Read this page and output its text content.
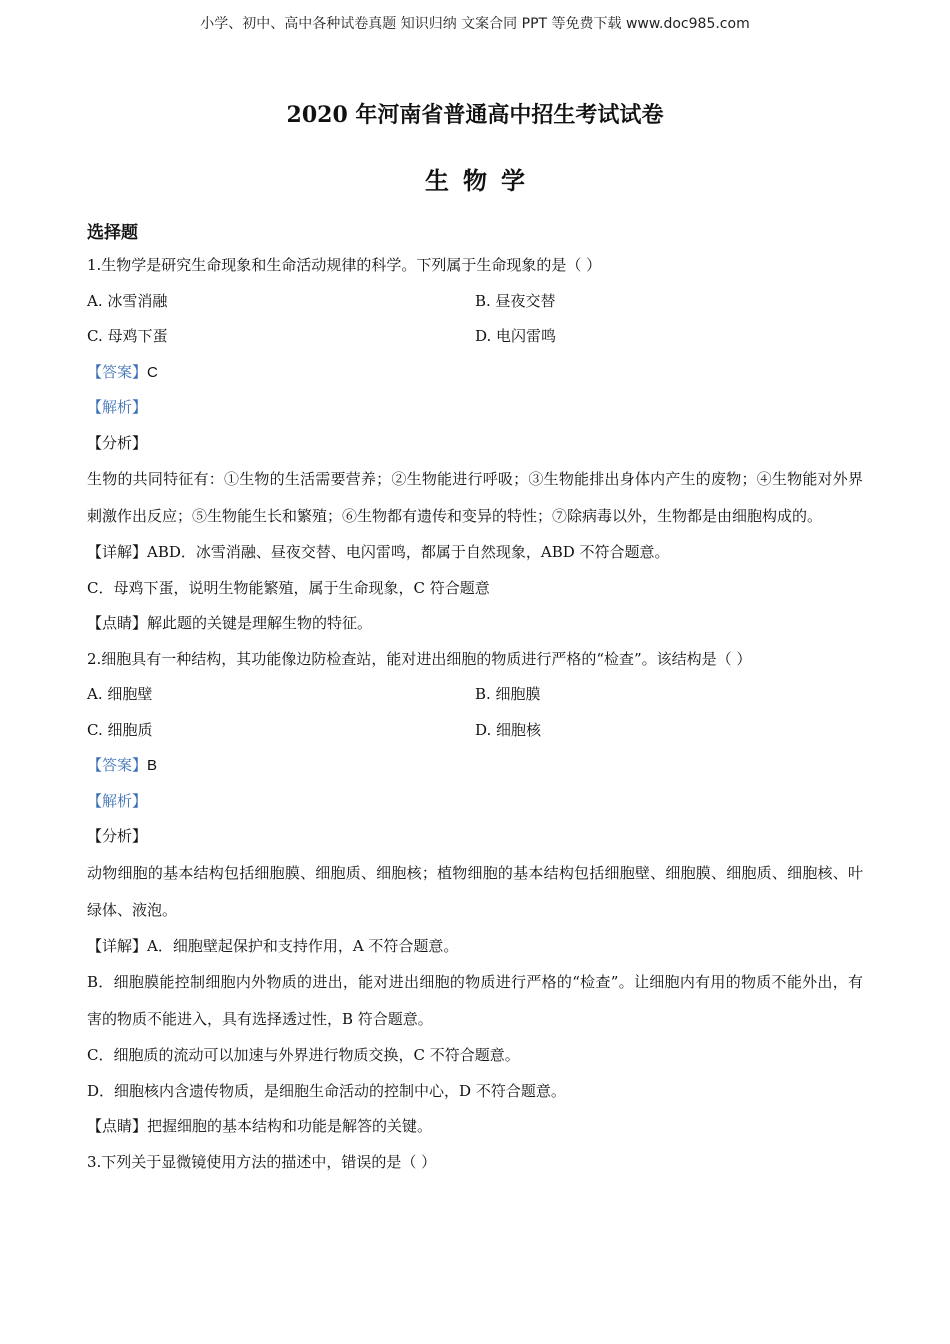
小学、初中、高中各种试卷真题 知识归纳 文案合同 PPT 等免费下载 www.doc985.com
2020 年河南省普通高中招生考试试卷
生物学
选择题
1.生物学是研究生命现象和生命活动规律的科学。下列属于生命现象的是（ ）
A. 冰雪消融	B. 昼夜交替
C. 母鸡下蛋	D. 电闪雷鸣
【答案】C
【解析】
【分析】
生物的共同特征有：①生物的生活需要营养；②生物能进行呼吸；③生物能排出身体内产生的废物；④生物能对外界刺激作出反应；⑤生物能生长和繁殖；⑥生物都有遗传和变异的特性；⑦除病毒以外，生物都是由细胞构成的。
【详解】ABD．冰雪消融、昼夜交替、电闪雷鸣，都属于自然现象，ABD 不符合题意。
C．母鸡下蛋，说明生物能繁殖，属于生命现象，C 符合题意
【点睛】解此题的关键是理解生物的特征。
2.细胞具有一种结构，其功能像边防检查站，能对进出细胞的物质进行严格的“检查”。该结构是（ ）
A. 细胞壁	B. 细胞膜
C. 细胞质	D. 细胞核
【答案】B
【解析】
【分析】
动物细胞的基本结构包括细胞膜、细胞质、细胞核；植物细胞的基本结构包括细胞壁、细胞膜、细胞质、细胞核、叶绿体、液泡。
【详解】A．细胞壁起保护和支持作用，A 不符合题意。
B．细胞膜能控制细胞内外物质的进出，能对进出细胞的物质进行严格的“检查”。让细胞内有用的物质不能外出，有害的物质不能进入，具有选择透过性，B 符合题意。
C．细胞质的流动可以加速与外界进行物质交换，C 不符合题意。
D．细胞核内含遗传物质，是细胞生命活动的控制中心，D 不符合题意。
【点睛】把握细胞的基本结构和功能是解答的关键。
3.下列关于显微镜使用方法的描述中，错误的是（ ）
